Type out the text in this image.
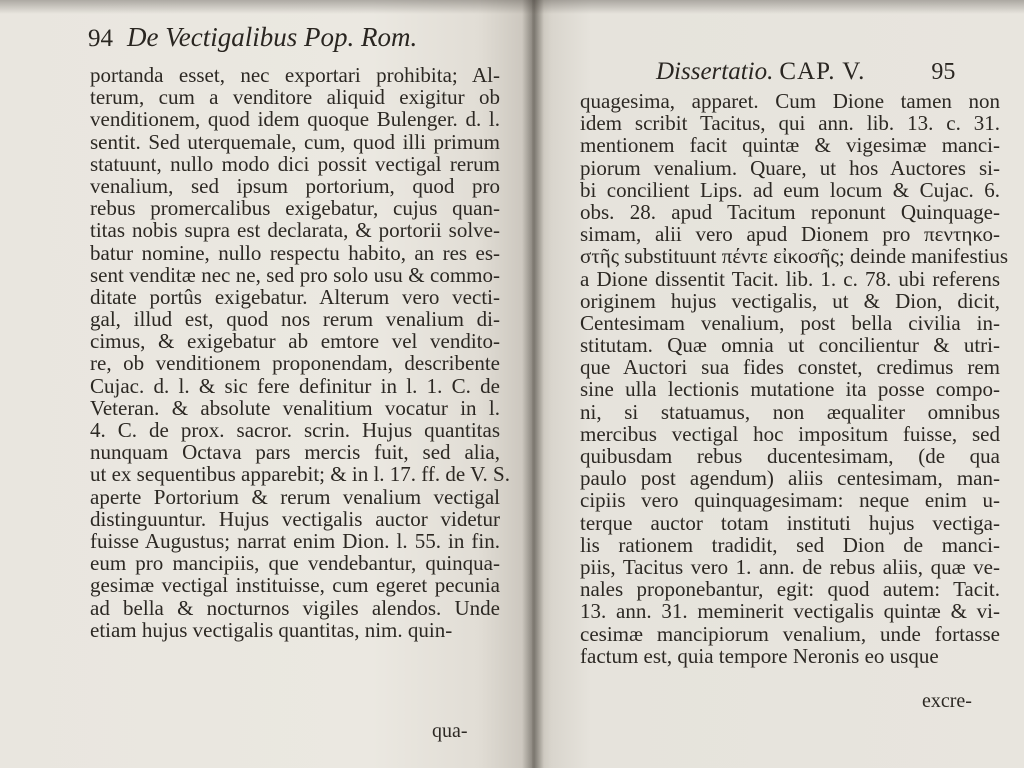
94 De Vectigalibus Pop. Rom.
portanda esset, nec exportari prohibita; Al-
terum, cum a venditore aliquid exigitur ob
venditionem, quod idem quoque Bulenger. d. l.
sentit. Sed uterquemale, cum, quod illi primum
statuunt, nullo modo dici possit vectigal rerum
venalium, sed ipsum portorium, quod pro
rebus promercalibus exigebatur, cujus quan-
titas nobis supra est declarata, & portorii solve-
batur nomine, nullo respectu habito, an res es-
sent venditæ nec ne, sed pro solo usu & commo-
ditate portûs exigebatur. Alterum vero vecti-
gal, illud est, quod nos rerum venalium di-
cimus, & exigebatur ab emtore vel vendito-
re, ob venditionem proponendam, describente
Cujac. d. l. & sic fere definitur in l. 1. C. de
Veteran. & absolute venalitium vocatur in l.
4. C. de prox. sacror. scrin. Hujus quantitas
nunquam Octava pars mercis fuit, sed alia,
ut ex sequentibus apparebit; & in l. 17. ff. de V. S.
aperte Portorium & rerum venalium vectigal
distinguuntur. Hujus vectigalis auctor videtur
fuisse Augustus; narrat enim Dion. l. 55. in fin.
eum pro mancipiis, que vendebantur, quinqua-
gesimæ vectigal instituisse, cum egeret pecunia
ad bella & nocturnos vigiles alendos. Unde
etiam hujus vectigalis quantitas, nim. quin-
qua-
Dissertatio. CAP. V.	95
quagesima, apparet. Cum Dione tamen non
idem scribit Tacitus, qui ann. lib. 13. c. 31.
mentionem facit quintæ & vigesimæ manci-
piorum venalium. Quare, ut hos Auctores si-
bi concilient Lips. ad eum locum & Cujac. 6.
obs. 28. apud Tacitum reponunt Quinquage-
simam, alii vero apud Dionem pro πεντηκο-
στῆς substituunt πέντε εἰκοσῆς; deinde manifestius
a Dione dissentit Tacit. lib. 1. c. 78. ubi referens
originem hujus vectigalis, ut & Dion, dicit,
Centesimam venalium, post bella civilia in-
stitutam. Quæ omnia ut concilientur & utri-
que Auctori sua fides constet, credimus rem
sine ulla lectionis mutatione ita posse compo-
ni, si statuamus, non æqualiter omnibus
mercibus vectigal hoc impositum fuisse, sed
quibusdam rebus ducentesimam, (de qua
paulo post agendum) aliis centesimam, man-
cipiis vero quinquagesimam: neque enim u-
terque auctor totam instituti hujus vectiga-
lis rationem tradidit, sed Dion de manci-
piis, Tacitus vero 1. ann. de rebus aliis, quæ ve-
nales proponebantur, egit: quod autem: Tacit.
13. ann. 31. meminerit vectigalis quintæ & vi-
cesimæ mancipiorum venalium, unde fortasse
factum est, quia tempore Neronis eo usque
excre-
